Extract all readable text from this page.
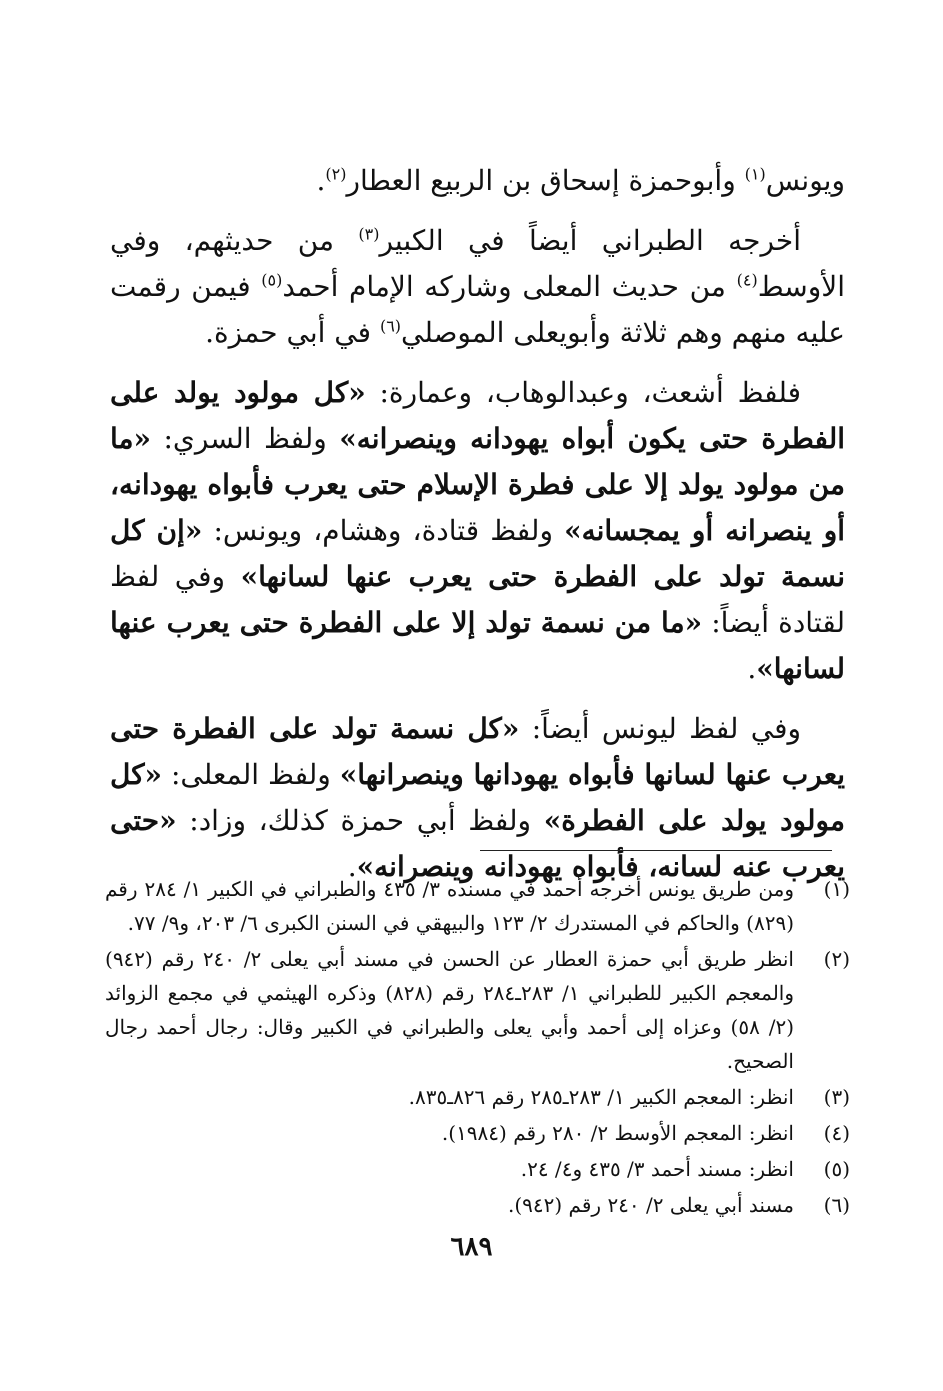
ويونس$^{(١)}$ وأبوحمزة إسحاق بن الربيع العطار$^{(٢)}$.

أخرجه الطبراني أيضاً في الكبير$^{(٣)}$ من حديثهم، وفي الأوسط$^{(٤)}$ من حديث المعلى وشاركه الإمام أحمد$^{(٥)}$ فيمن رقمت عليه منهم وهم ثلاثة وأبويعلى الموصلي$^{(٦)}$ في أبي حمزة.

فلفظ أشعث، وعبدالوهاب، وعمارة: «كل مولود يولد على الفطرة حتى يكون أبواه يهودانه وينصرانه» ولفظ السري: «ما من مولود يولد إلا على فطرة الإسلام حتى يعرب فأبواه يهودانه، أو ينصرانه أو يمجسانه» ولفظ قتادة، وهشام، ويونس: «إن كل نسمة تولد على الفطرة حتى يعرب عنها لسانها» وفي لفظ لقتادة أيضاً: «ما من نسمة تولد إلا على الفطرة حتى يعرب عنها لسانها».

وفي لفظ ليونس أيضاً: «كل نسمة تولد على الفطرة حتى يعرب عنها لسانها فأبواه يهودانها وينصرانها» ولفظ المعلى: «كل مولود يولد على الفطرة» ولفظ أبي حمزة كذلك، وزاد: «حتى يعرب عنه لسانه، فأبواه يهودانه وينصرانه».

(١)
ومن طريق يونس أخرجه أحمد في مسنده ٣/ ٤٣٥ والطبراني في الكبير ١/ ٢٨٤ رقم (٨٢٩) والحاكم في المستدرك ٢/ ١٢٣ والبيهقي في السنن الكبرى ٦/ ٢٠٣، و٩/ ٧٧.
(٢)
انظر طريق أبي حمزة العطار عن الحسن في مسند أبي يعلى ٢/ ٢٤٠ رقم (٩٤٢) والمعجم الكبير للطبراني ١/ ٢٨٣ـ٢٨٤ رقم (٨٢٨) وذكره الهيثمي في مجمع الزوائد (٢/ ٥٨) وعزاه إلى أحمد وأبي يعلى والطبراني في الكبير وقال: رجال أحمد رجال الصحيح.
(٣)
انظر: المعجم الكبير ١/ ٢٨٣ـ٢٨٥ رقم ٨٢٦ـ٨٣٥.
(٤)
انظر: المعجم الأوسط ٢/ ٢٨٠ رقم (١٩٨٤).
(٥)
انظر: مسند أحمد ٣/ ٤٣٥ و٤/ ٢٤.
(٦)
مسند أبي يعلى ٢/ ٢٤٠ رقم (٩٤٢).
٦٨٩
